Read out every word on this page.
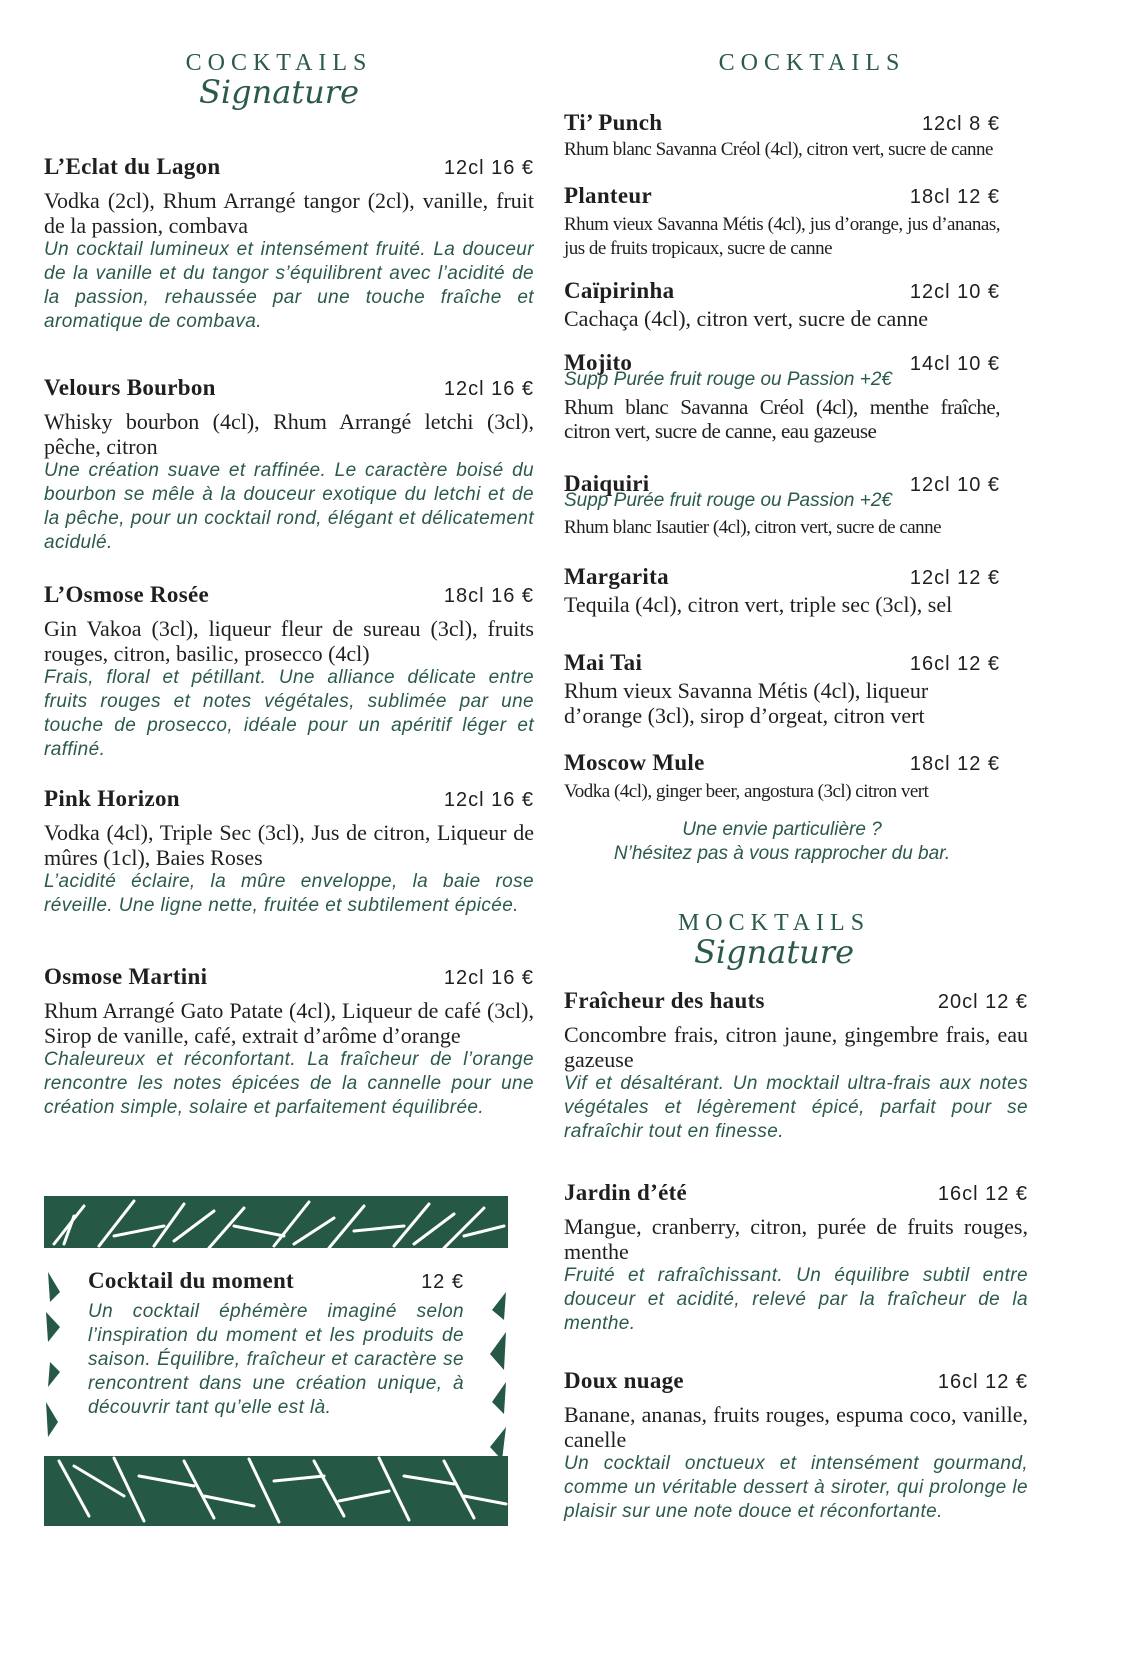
COCKTAILS
Signature
L’Eclat du Lagon	12cl 16 €
Vodka (2cl), Rhum Arrangé tangor (2cl), vanille, fruit de la passion, combava
Un cocktail lumineux et intensément fruité. La douceur de la vanille et du tangor s’équilibrent avec l’acidité de la passion, rehaussée par une touche fraîche et aromatique de combava.
Velours Bourbon	12cl 16 €
Whisky bourbon (4cl), Rhum Arrangé letchi (3cl), pêche, citron
Une création suave et raffinée. Le caractère boisé du bourbon se mêle à la douceur exotique du letchi et de la pêche, pour un cocktail rond, élégant et délicatement acidulé.
L’Osmose Rosée	18cl 16 €
Gin Vakoa (3cl), liqueur fleur de sureau (3cl), fruits rouges, citron, basilic, prosecco (4cl)
Frais, floral et pétillant. Une alliance délicate entre fruits rouges et notes végétales, sublimée par une touche de prosecco, idéale pour un apéritif léger et raffiné.
Pink Horizon	12cl 16 €
Vodka (4cl), Triple Sec (3cl), Jus de citron, Liqueur de mûres (1cl), Baies Roses
L’acidité éclaire, la mûre enveloppe, la baie rose réveille. Une ligne nette, fruitée et subtilement épicée.
Osmose Martini	12cl 16 €
Rhum Arrangé Gato Patate (4cl), Liqueur de café (3cl), Sirop de vanille, café, extrait d’arôme d’orange
Chaleureux et réconfortant. La fraîcheur de l’orange rencontre les notes épicées de la cannelle pour une création simple, solaire et parfaitement équilibrée.
Cocktail du moment	12 €
Un cocktail éphémère imaginé selon l’inspiration du moment et les produits de saison. Équilibre, fraîcheur et caractère se rencontrent dans une création unique, à découvrir tant qu’elle est là.
COCKTAILS
Ti’ Punch	12cl 8 €
Rhum blanc Savanna Créol (4cl), citron vert, sucre de canne
Planteur	18cl 12 €
Rhum vieux Savanna Métis (4cl), jus d’orange, jus d’ananas, jus de fruits tropicaux, sucre de canne
Caïpirinha	12cl 10 €
Cachaça (4cl), citron vert, sucre de canne
Mojito	14cl 10 €
Supp Purée fruit rouge ou Passion +2€
Rhum blanc Savanna Créol (4cl), menthe fraîche, citron vert, sucre de canne, eau gazeuse
Daiquiri	12cl 10 €
Supp Purée fruit rouge ou Passion +2€
Rhum blanc Isautier (4cl), citron vert, sucre de canne
Margarita	12cl 12 €
Tequila (4cl), citron vert, triple sec (3cl), sel
Mai Tai	16cl 12 €
Rhum vieux Savanna Métis (4cl), liqueur d’orange (3cl), sirop d’orgeat, citron vert
Moscow Mule	18cl 12 €
Vodka (4cl), ginger beer, angostura (3cl) citron vert
Une envie particulière ?
N’hésitez pas à vous rapprocher du bar.
MOCKTAILS
Signature
Fraîcheur des hauts	20cl 12 €
Concombre frais, citron jaune, gingembre frais, eau gazeuse
Vif et désaltérant. Un mocktail ultra-frais aux notes végétales et légèrement épicé, parfait pour se rafraîchir tout en finesse.
Jardin d’été	16cl 12 €
Mangue, cranberry, citron, purée de fruits rouges, menthe
Fruité et rafraîchissant. Un équilibre subtil entre douceur et acidité, relevé par la fraîcheur de la menthe.
Doux nuage	16cl 12 €
Banane, ananas, fruits rouges, espuma coco, vanille, canelle
Un cocktail onctueux et intensément gourmand, comme un véritable dessert à siroter, qui prolonge le plaisir sur une note douce et réconfortante.
